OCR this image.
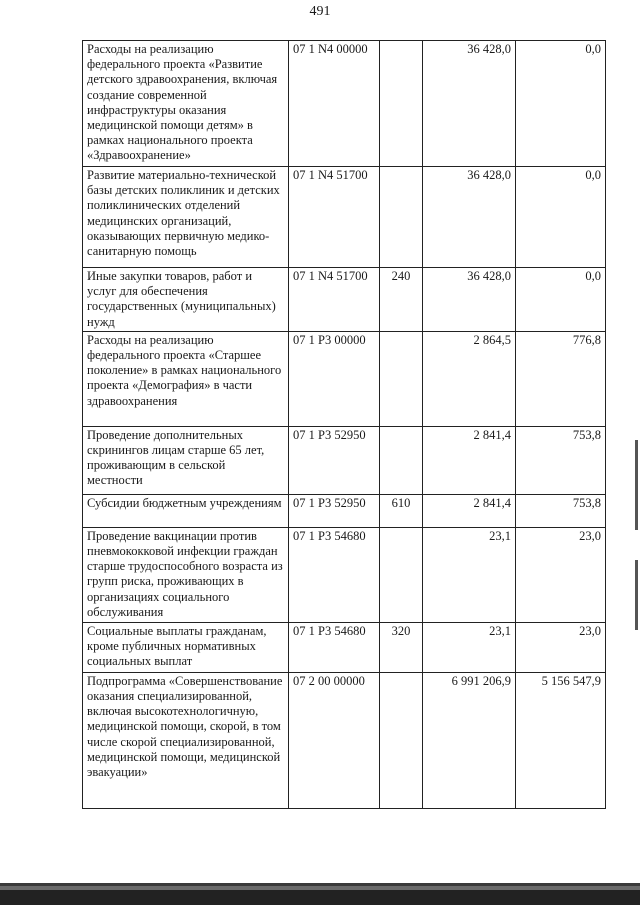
491
Расходы на реализацию федерального проекта «Развитие детского здравоохранения, включая создание современной инфраструктуры оказания медицинской помощи детям» в рамках национального проекта «Здравоохранение»	07 1 N4 00000		36 428,0	0,0
Развитие материально-технической базы детских поликлиник и детских поликлинических отделений медицинских организаций, оказывающих первичную медико-санитарную помощь	07 1 N4 51700		36 428,0	0,0
Иные закупки товаров, работ и услуг для обеспечения государственных (муниципальных) нужд	07 1 N4 51700	240	36 428,0	0,0
Расходы на реализацию федерального проекта «Старшее поколение» в рамках национального проекта «Демография» в части здравоохранения	07 1 P3 00000		2 864,5	776,8
Проведение дополнительных скринингов лицам старше 65 лет, проживающим в сельской местности	07 1 P3 52950		2 841,4	753,8
Субсидии бюджетным учреждениям	07 1 P3 52950	610	2 841,4	753,8
Проведение вакцинации против пневмококковой инфекции граждан старше трудоспособного возраста из групп риска, проживающих в организациях социального обслуживания	07 1 P3 54680		23,1	23,0
Социальные выплаты гражданам, кроме публичных нормативных социальных выплат	07 1 P3 54680	320	23,1	23,0
Подпрограмма «Совершенствование оказания специализированной, включая высокотехнологичную, медицинской помощи, скорой, в том числе скорой специализированной, медицинской помощи, медицинской эвакуации»	07 2 00 00000		6 991 206,9	5 156 547,9
